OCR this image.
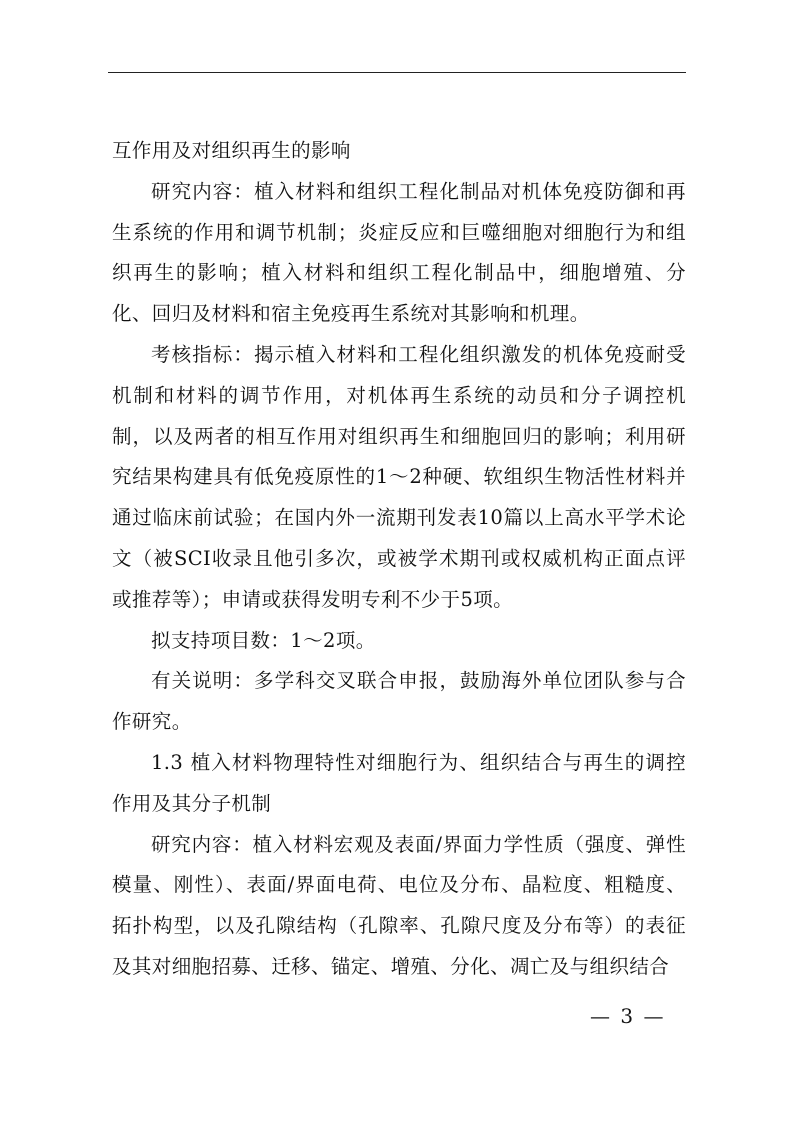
互作用及对组织再生的影响

研究内容：植入材料和组织工程化制品对机体免疫防御和再生系统的作用和调节机制；炎症反应和巨噬细胞对细胞行为和组织再生的影响；植入材料和组织工程化制品中，细胞增殖、分化、回归及材料和宿主免疫再生系统对其影响和机理。

考核指标：揭示植入材料和工程化组织激发的机体免疫耐受机制和材料的调节作用，对机体再生系统的动员和分子调控机制，以及两者的相互作用对组织再生和细胞回归的影响；利用研究结果构建具有低免疫原性的1～2种硬、软组织生物活性材料并通过临床前试验；在国内外一流期刊发表10篇以上高水平学术论文（被SCI收录且他引多次，或被学术期刊或权威机构正面点评或推荐等）；申请或获得发明专利不少于5项。

拟支持项目数：1～2项。

有关说明：多学科交叉联合申报，鼓励海外单位团队参与合作研究。

1.3 植入材料物理特性对细胞行为、组织结合与再生的调控作用及其分子机制

研究内容：植入材料宏观及表面/界面力学性质（强度、弹性模量、刚性）、表面/界面电荷、电位及分布、晶粒度、粗糙度、拓扑构型，以及孔隙结构（孔隙率、孔隙尺度及分布等）的表征及其对细胞招募、迁移、锚定、增殖、分化、凋亡及与组织结合

— 3 —
